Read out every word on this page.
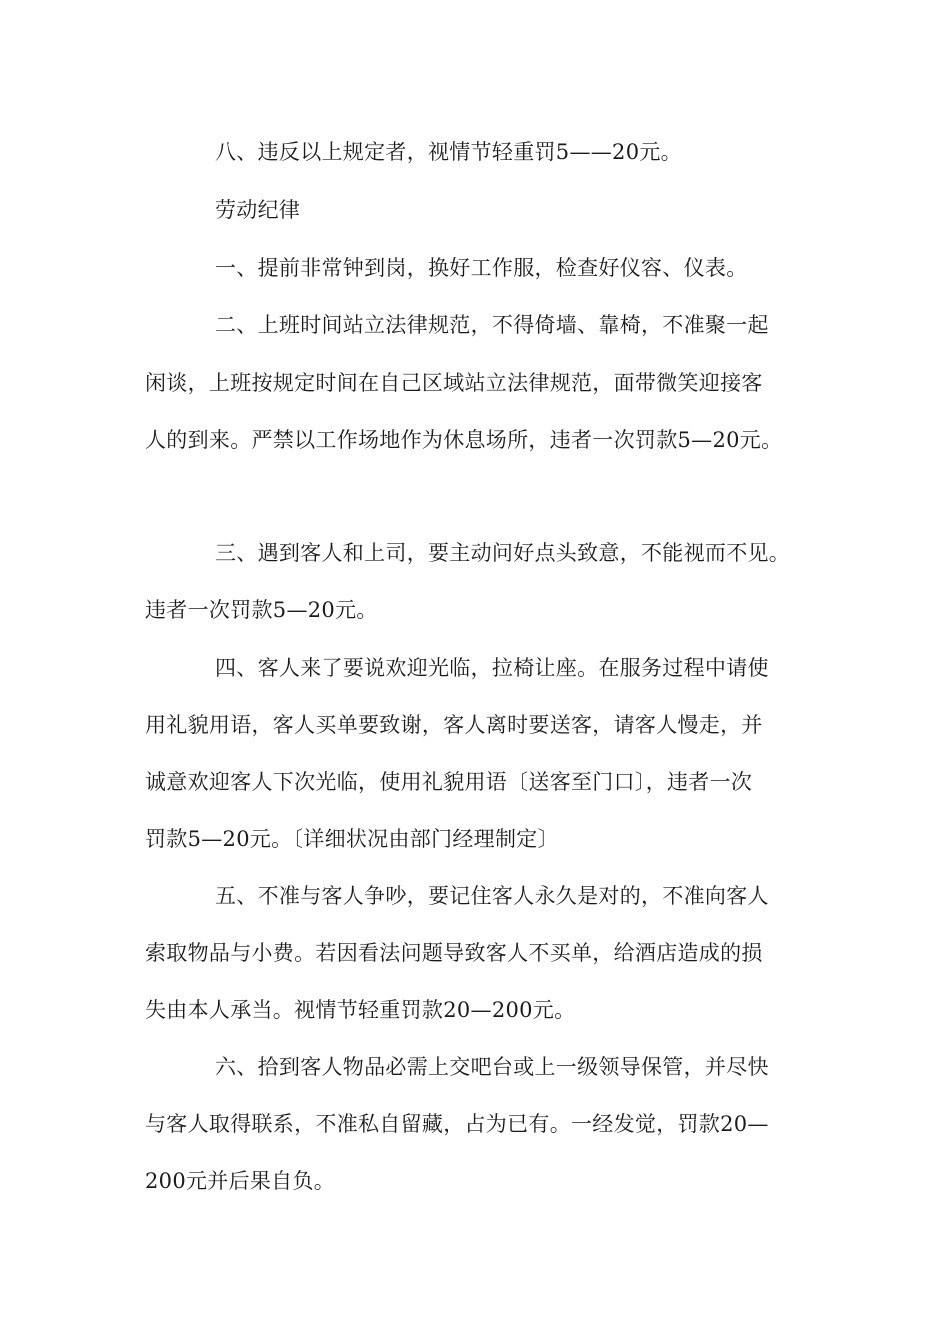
八、违反以上规定者，视情节轻重罚5——20元。

劳动纪律

一、提前非常钟到岗，换好工作服，检查好仪容、仪表。

二、上班时间站立法律规范，不得倚墙、靠椅，不准聚一起

闲谈，上班按规定时间在自己区域站立法律规范，面带微笑迎接客

人的到来。严禁以工作场地作为休息场所，违者一次罚款5—20元。

三、遇到客人和上司，要主动问好点头致意，不能视而不见。

违者一次罚款5—20元。

四、客人来了要说欢迎光临，拉椅让座。在服务过程中请使

用礼貌用语，客人买单要致谢，客人离时要送客，请客人慢走，并

诚意欢迎客人下次光临，使用礼貌用语〔送客至门口〕，违者一次

罚款5—20元。〔详细状况由部门经理制定〕

五、不准与客人争吵，要记住客人永久是对的，不准向客人

索取物品与小费。若因看法问题导致客人不买单，给酒店造成的损

失由本人承当。视情节轻重罚款20—200元。

六、拾到客人物品必需上交吧台或上一级领导保管，并尽快

与客人取得联系，不准私自留藏，占为已有。一经发觉，罚款20—

200元并后果自负。
